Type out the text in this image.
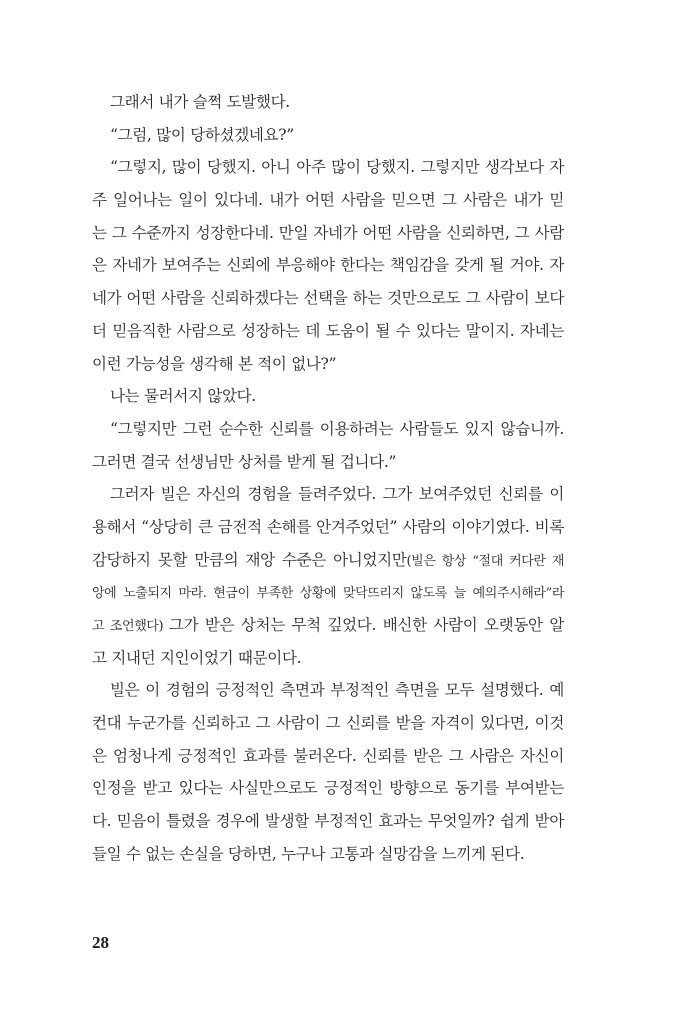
그래서 내가 슬쩍 도발했다.
“그럼, 많이 당하셨겠네요?”
“그렇지, 많이 당했지. 아니 아주 많이 당했지. 그렇지만 생각보다 자
주 일어나는 일이 있다네. 내가 어떤 사람을 믿으면 그 사람은 내가 믿
는 그 수준까지 성장한다네. 만일 자네가 어떤 사람을 신뢰하면, 그 사람
은 자네가 보여주는 신뢰에 부응해야 한다는 책임감을 갖게 될 거야. 자
네가 어떤 사람을 신뢰하겠다는 선택을 하는 것만으로도 그 사람이 보다
더 믿음직한 사람으로 성장하는 데 도움이 될 수 있다는 말이지. 자네는
이런 가능성을 생각해 본 적이 없나?”
나는 물러서지 않았다.
“그렇지만 그런 순수한 신뢰를 이용하려는 사람들도 있지 않습니까.
그러면 결국 선생님만 상처를 받게 될 겁니다.”
그러자 빌은 자신의 경험을 들려주었다. 그가 보여주었던 신뢰를 이
용해서 “상당히 큰 금전적 손해를 안겨주었던” 사람의 이야기였다. 비록
감당하지 못할 만큼의 재앙 수준은 아니었지만(빌은 항상 “절대 커다란 재
앙에 노출되지 마라. 현금이 부족한 상황에 맞닥뜨리지 않도록 늘 예의주시해라”라
고 조언했다) 그가 받은 상처는 무척 깊었다. 배신한 사람이 오랫동안 알
고 지내던 지인이었기 때문이다.
빌은 이 경험의 긍정적인 측면과 부정적인 측면을 모두 설명했다. 예
컨대 누군가를 신뢰하고 그 사람이 그 신뢰를 받을 자격이 있다면, 이것
은 엄청나게 긍정적인 효과를 불러온다. 신뢰를 받은 그 사람은 자신이
인정을 받고 있다는 사실만으로도 긍정적인 방향으로 동기를 부여받는
다. 믿음이 틀렸을 경우에 발생할 부정적인 효과는 무엇일까? 쉽게 받아
들일 수 없는 손실을 당하면, 누구나 고통과 실망감을 느끼게 된다.
28
